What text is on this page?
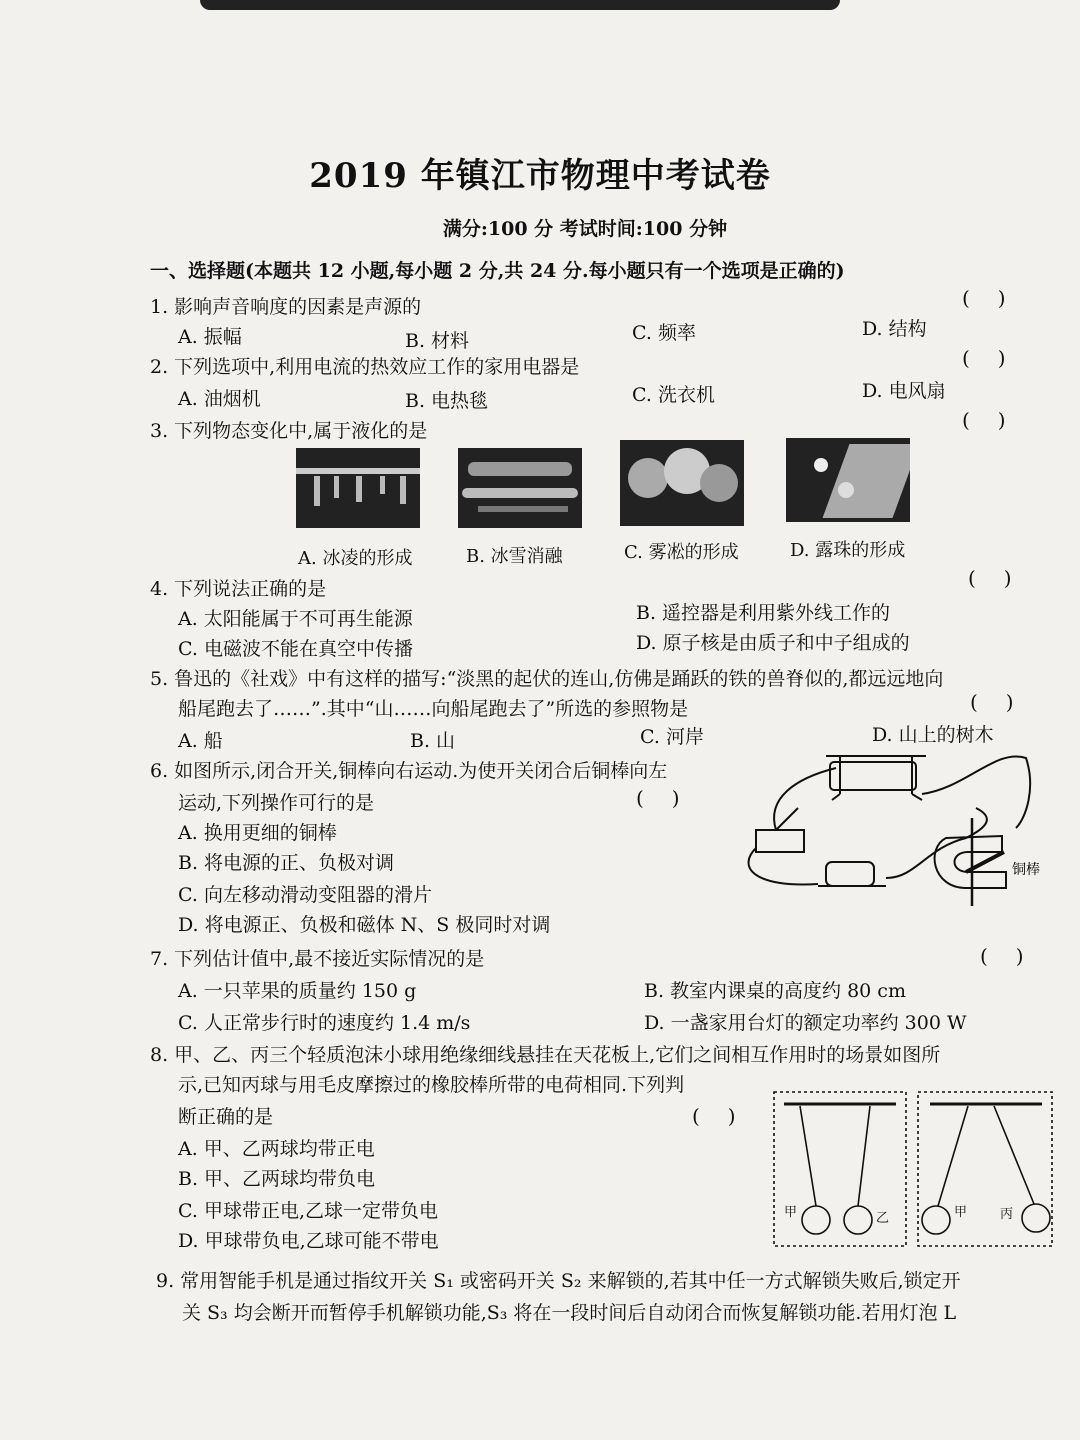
2019 年镇江市物理中考试卷
满分:100 分 考试时间:100 分钟
一、选择题(本题共 12 小题,每小题 2 分,共 24 分.每小题只有一个选项是正确的)
1. 影响声音响度的因素是声源的	()
A. 振幅	B. 材料	C. 频率	D. 结构
2. 下列选项中,利用电流的热效应工作的家用电器是	()
A. 油烟机	B. 电热毯	C. 洗衣机	D. 电风扇
3. 下列物态变化中,属于液化的是	()
A. 冰凌的形成	B. 冰雪消融	C. 雾凇的形成	D. 露珠的形成
4. 下列说法正确的是	()
A. 太阳能属于不可再生能源	B. 遥控器是利用紫外线工作的
C. 电磁波不能在真空中传播	D. 原子核是由质子和中子组成的
5. 鲁迅的《社戏》中有这样的描写:“淡黑的起伏的连山,仿佛是踊跃的铁的兽脊似的,都远远地向
船尾跑去了……”.其中“山……向船尾跑去了”所选的参照物是	()
A. 船	B. 山	C. 河岸	D. 山上的树木
6. 如图所示,闭合开关,铜棒向右运动.为使开关闭合后铜棒向左
运动,下列操作可行的是	()
A. 换用更细的铜棒
B. 将电源的正、负极对调
C. 向左移动滑动变阻器的滑片
D. 将电源正、负极和磁体 N、S 极同时对调
铜棒
7. 下列估计值中,最不接近实际情况的是	()
A. 一只苹果的质量约 150 g	B. 教室内课桌的高度约 80 cm
C. 人正常步行时的速度约 1.4 m/s	D. 一盏家用台灯的额定功率约 300 W
8. 甲、乙、丙三个轻质泡沫小球用绝缘细线悬挂在天花板上,它们之间相互作用时的场景如图所
示,已知丙球与用毛皮摩擦过的橡胶棒所带的电荷相同.下列判
断正确的是	()
A. 甲、乙两球均带正电
B. 甲、乙两球均带负电
C. 甲球带正电,乙球一定带负电
D. 甲球带负电,乙球可能不带电
甲	乙	甲	丙
9. 常用智能手机是通过指纹开关 S₁ 或密码开关 S₂ 来解锁的,若其中任一方式解锁失败后,锁定开
关 S₃ 均会断开而暂停手机解锁功能,S₃ 将在一段时间后自动闭合而恢复解锁功能.若用灯泡 L
